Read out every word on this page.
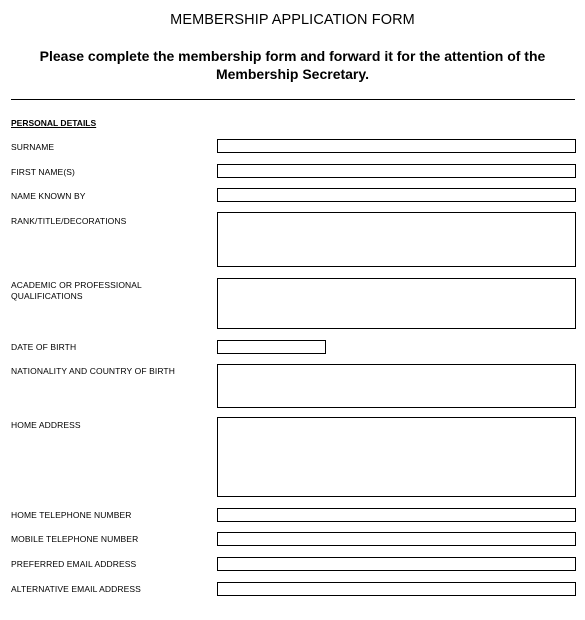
MEMBERSHIP APPLICATION FORM
Please complete the membership form and forward it for the attention of the Membership Secretary.
PERSONAL DETAILS
SURNAME
FIRST NAME(S)
NAME KNOWN BY
RANK/TITLE/DECORATIONS
ACADEMIC OR PROFESSIONAL QUALIFICATIONS
DATE OF BIRTH
NATIONALITY AND COUNTRY OF BIRTH
HOME ADDRESS
HOME TELEPHONE NUMBER
MOBILE TELEPHONE NUMBER
PREFERRED EMAIL ADDRESS
ALTERNATIVE EMAIL ADDRESS
